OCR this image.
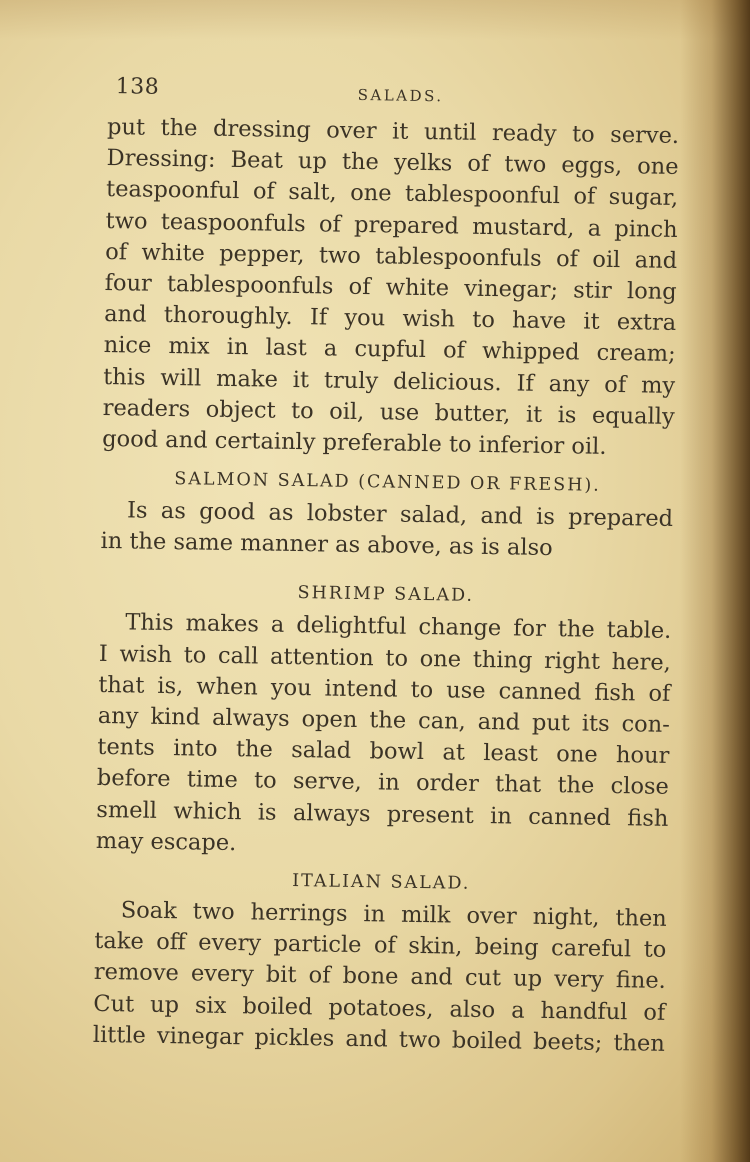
138	SALADS.
put the dressing over it until ready to serve.
Dressing: Beat up the yelks of two eggs, one
teaspoonful of salt, one tablespoonful of sugar,
two teaspoonfuls of prepared mustard, a pinch
of white pepper, two tablespoonfuls of oil and
four tablespoonfuls of white vinegar; stir long
and thoroughly. If you wish to have it extra
nice mix in last a cupful of whipped cream;
this will make it truly delicious. If any of my
readers object to oil, use butter, it is equally
good and certainly preferable to inferior oil.
SALMON SALAD (CANNED OR FRESH).
Is as good as lobster salad, and is prepared
in the same manner as above, as is also
SHRIMP SALAD.
This makes a delightful change for the table.
I wish to call attention to one thing right here,
that is, when you intend to use canned fish of
any kind always open the can, and put its con-
tents into the salad bowl at least one hour
before time to serve, in order that the close
smell which is always present in canned fish
may escape.
ITALIAN SALAD.
Soak two herrings in milk over night, then
take off every particle of skin, being careful to
remove every bit of bone and cut up very fine.
Cut up six boiled potatoes, also a handful of
little vinegar pickles and two boiled beets; then
